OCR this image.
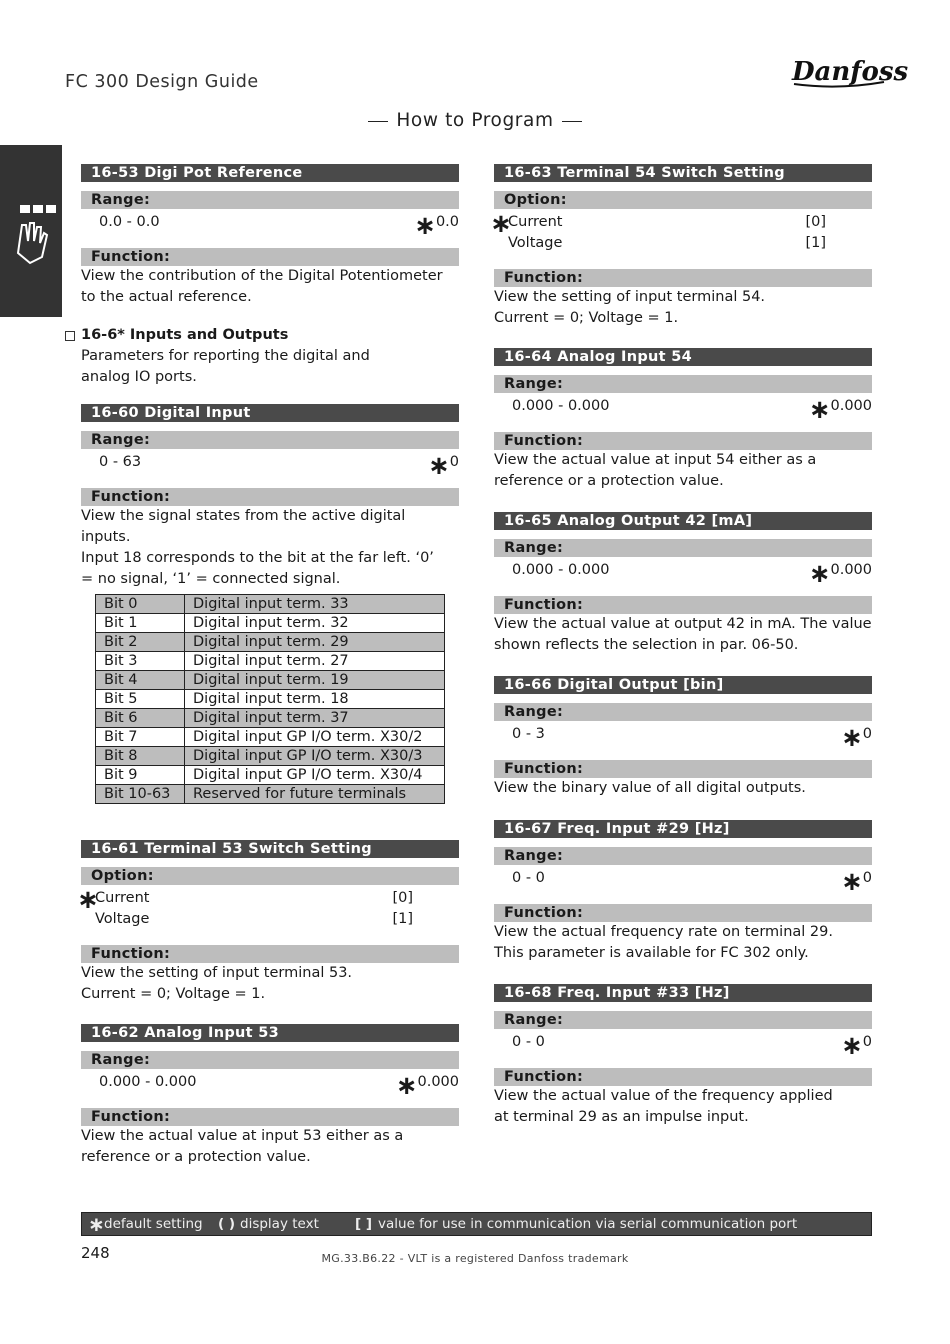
FC 300 Design Guide	Danfoss
How to Program
16-53 Digi Pot Reference
Range:
0.0 - 0.0	∗0.0
Function:
View the contribution of the Digital Potentiometer
to the actual reference.
16-6* Inputs and Outputs
Parameters for reporting the digital and
analog IO ports.
16-60 Digital Input
Range:
0 - 63	∗0
Function:
View the signal states from the active digital inputs.
Input 18 corresponds to the bit at the far left. ‘0’
= no signal, ‘1’ = connected signal.
Bit 0	Digital input term. 33
Bit 1	Digital input term. 32
Bit 2	Digital input term. 29
Bit 3	Digital input term. 27
Bit 4	Digital input term. 19
Bit 5	Digital input term. 18
Bit 6	Digital input term. 37
Bit 7	Digital input GP I/O term. X30/2
Bit 8	Digital input GP I/O term. X30/3
Bit 9	Digital input GP I/O term. X30/4
Bit 10-63	Reserved for future terminals
16-61 Terminal 53 Switch Setting
Option:
∗
Current	[0]
Voltage	[1]
Function:
View the setting of input terminal 53.
Current = 0; Voltage = 1.
16-62 Analog Input 53
Range:
0.000 - 0.000	∗0.000
Function:
View the actual value at input 53 either as a
reference or a protection value.
16-63 Terminal 54 Switch Setting
Option:
∗
Current	[0]
Voltage	[1]
Function:
View the setting of input terminal 54.
Current = 0; Voltage = 1.
16-64 Analog Input 54
Range:
0.000 - 0.000	∗0.000
Function:
View the actual value at input 54 either as a
reference or a protection value.
16-65 Analog Output 42 [mA]
Range:
0.000 - 0.000	∗0.000
Function:
View the actual value at output 42 in mA. The value
shown reflects the selection in par. 06-50.
16-66 Digital Output [bin]
Range:
0 - 3	∗0
Function:
View the binary value of all digital outputs.
16-67 Freq. Input #29 [Hz]
Range:
0 - 0	∗0
Function:
View the actual frequency rate on terminal 29.
This parameter is available for FC 302 only.
16-68 Freq. Input #33 [Hz]
Range:
0 - 0	∗0
Function:
View the actual value of the frequency applied
at terminal 29 as an impulse input.
∗ default setting ( ) display text	[ ] value for use in communication via serial communication port
248	MG.33.B6.22 - VLT is a registered Danfoss trademark
